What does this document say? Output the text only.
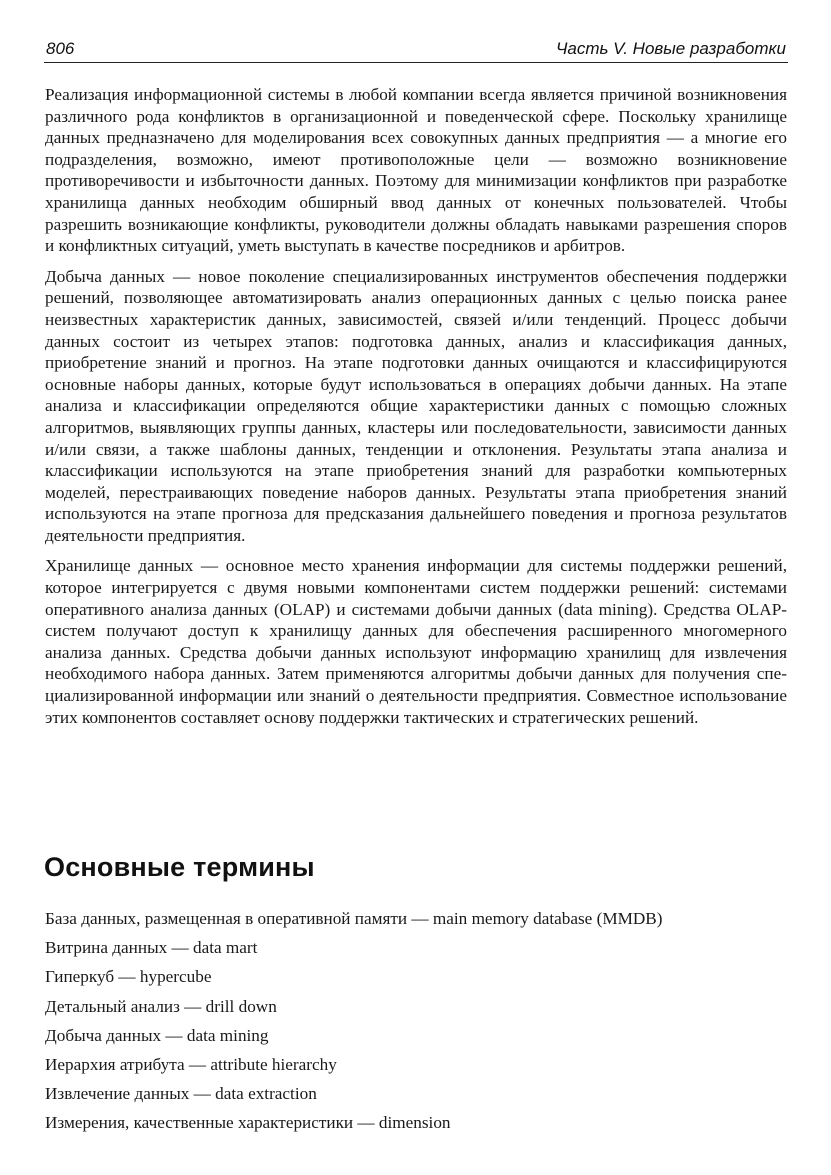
806	Часть V. Новые разработки

Реализация информационной системы в любой компании всегда является причиной возникновения различного рода конфликтов в организационной и поведенческой сфере. Поскольку хранилище данных предназначено для моделирования всех совокупных данных предприятия — а многие его подразделения, возможно, имеют противоположные цели — возможно возникновение противоречивости и избыточности данных. Поэтому для минимизации конфликтов при разработке хранилища данных необходим обширный ввод данных от конечных пользователей. Чтобы разрешить возникающие конфликты, руководители должны обладать навыками разрешения споров и конфликтных ситуаций, уметь выступать в качестве посредников и арбитров.

Добыча данных — новое поколение специализированных инструментов обеспечения поддержки решений, позволяющее автоматизировать анализ операционных данных с целью поиска ранее неизвестных характеристик данных, зависимостей, связей и/или тенденций. Процесс добычи данных состоит из четырех этапов: подготовка данных, анализ и классификация данных, приобретение знаний и прогноз. На этапе подготовки данных очищаются и классифицируются основные наборы данных, которые будут использоваться в операциях добычи данных. На этапе анализа и классификации определяются общие характеристики данных с помощью сложных алгоритмов, выявляющих группы данных, кластеры или последовательности, зависимости данных и/или связи, а также шаблоны данных, тенденции и отклонения. Результаты этапа анализа и классификации используются на этапе приобретения знаний для разработки компьютерных моделей, перестраивающих поведение наборов данных. Результаты этапа приобретения знаний используются на этапе прогноза для предсказания дальнейшего поведения и прогноза результатов деятельности предприятия.

Хранилище данных — основное место хранения информации для системы поддержки решений, которое интегрируется с двумя новыми компонентами систем поддержки решений: системами оперативного анализа данных (OLAP) и системами добычи данных (data mining). Средства OLAP-систем получают доступ к хранилищу данных для обеспечения расширенного многомерного анализа данных. Средства добычи данных используют информацию хранилищ для извлечения необходимого набора данных. Затем применяются алгоритмы добычи данных для получения специализированной информации или знаний о деятельности предприятия. Совместное использование этих компонентов составляет основу поддержки тактических и стратегических решений.

Основные термины
База данных, размещенная в оперативной памяти — main memory database (MMDB)
Витрина данных — data mart
Гиперкуб — hypercube
Детальный анализ — drill down
Добыча данных — data mining
Иерархия атрибута — attribute hierarchy
Извлечение данных — data extraction
Измерения, качественные характеристики — dimension
